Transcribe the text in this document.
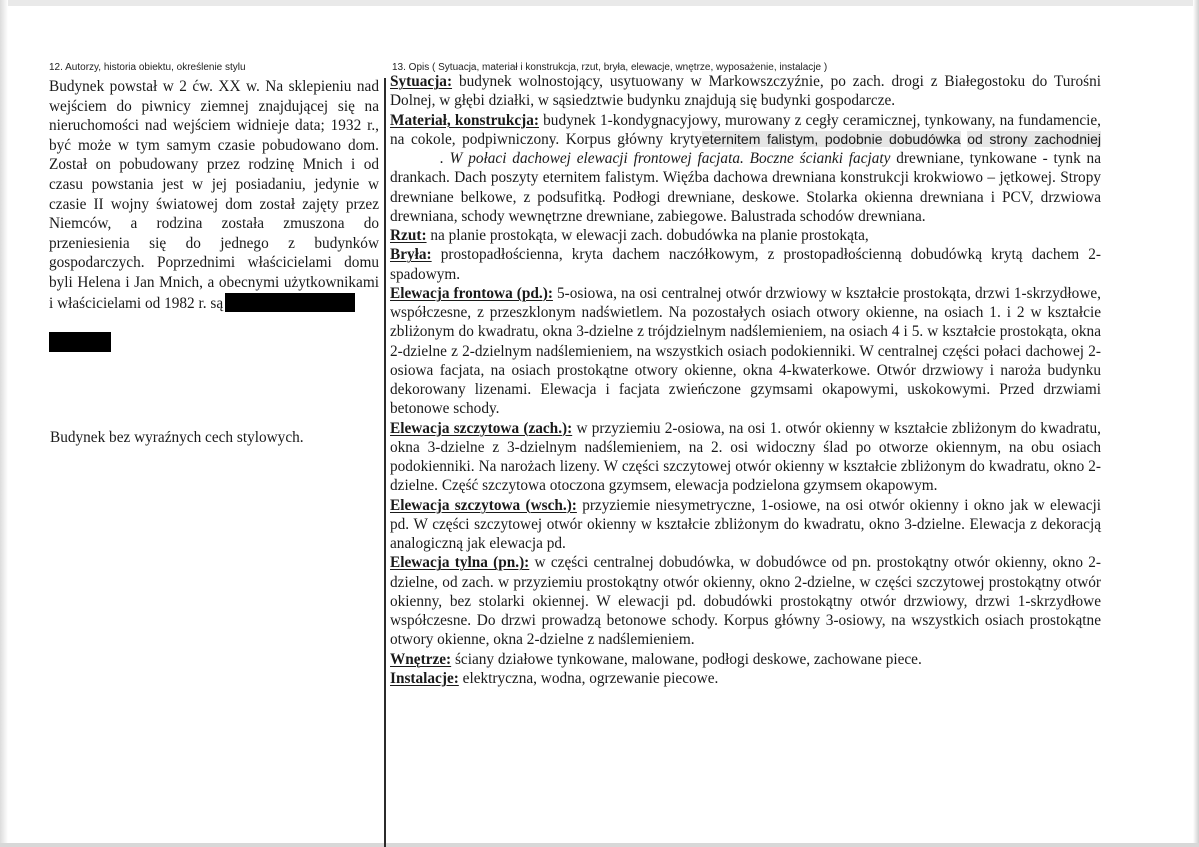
12. Autorzy, historia obiektu, określenie stylu	13. Opis ( Sytuacja, materiał i konstrukcja, rzut, bryła, elewacje, wnętrze, wyposażenie, instalacje )

Budynek powstał w 2 ćw. XX w. Na sklepieniu nad wejściem do piwnicy ziemnej znajdującej się na nieruchomości nad wejściem widnieje data; 1932 r., być może w tym samym czasie pobudowano dom. Został on pobudowany przez rodzinę Mnich i od czasu powstania jest w jej posiadaniu, jedynie w czasie II wojny światowej dom został zajęty przez Niemców, a rodzina została zmuszona do przeniesienia się do jednego z budynków gospodarczych. Poprzednimi właścicielami domu byli Helena i Jan Mnich, a obecnymi użytkownikami i właścicielami od 1982 r. są

Budynek bez wyraźnych cech stylowych.

Sytuacja: budynek wolnostojący, usytuowany w Markowszczyźnie, po zach. drogi z Białegostoku do Turośni Dolnej, w głębi działki, w sąsiedztwie budynku znajdują się budynki gospodarcze.

Materiał, konstrukcja: budynek 1-kondygnacyjowy, murowany z cegły ceramicznej, tynkowany, na fundamencie, na cokole, podpiwniczony. Korpus główny krytyeternitem falistym, podobnie dobudówka od strony zachodniej. W połaci dachowej elewacji frontowej facjata. Boczne ścianki facjaty drewniane, tynkowane - tynk na drankach. Dach poszyty eternitem falistym. Więźba dachowa drewniana konstrukcji krokwiowo – jętkowej. Stropy drewniane belkowe, z podsufitką. Podłogi drewniane, deskowe. Stolarka okienna drewniana i PCV, drzwiowa drewniana, schody wewnętrzne drewniane, zabiegowe. Balustrada schodów drewniana.

Rzut: na planie prostokąta, w elewacji zach. dobudówka na planie prostokąta,

Bryła: prostopadłościenna, kryta dachem naczółkowym, z prostopadłościenną dobudówką krytą dachem 2-spadowym.

Elewacja frontowa (pd.): 5-osiowa, na osi centralnej otwór drzwiowy w kształcie prostokąta, drzwi 1-skrzydłowe, współczesne, z przeszklonym nadświetlem. Na pozostałych osiach otwory okienne, na osiach 1. i 2 w kształcie zbliżonym do kwadratu, okna 3-dzielne z trójdzielnym nadślemieniem, na osiach 4 i 5. w kształcie prostokąta, okna 2-dzielne z 2-dzielnym nadślemieniem, na wszystkich osiach podokienniki. W centralnej części połaci dachowej 2-osiowa facjata, na osiach prostokątne otwory okienne, okna 4-kwaterkowe. Otwór drzwiowy i naroża budynku dekorowany lizenami. Elewacja i facjata zwieńczone gzymsami okapowymi, uskokowymi. Przed drzwiami betonowe schody.

Elewacja szczytowa (zach.): w przyziemiu 2-osiowa, na osi 1. otwór okienny w kształcie zbliżonym do kwadratu, okna 3-dzielne z 3-dzielnym nadślemieniem, na 2. osi widoczny ślad po otworze okiennym, na obu osiach podokienniki. Na narożach lizeny. W części szczytowej otwór okienny w kształcie zbliżonym do kwadratu, okno 2-dzielne. Część szczytowa otoczona gzymsem, elewacja podzielona gzymsem okapowym.

Elewacja szczytowa (wsch.): przyziemie niesymetryczne, 1-osiowe, na osi otwór okienny i okno jak w elewacji pd. W części szczytowej otwór okienny w kształcie zbliżonym do kwadratu, okno 3-dzielne. Elewacja z dekoracją analogiczną jak elewacja pd.

Elewacja tylna (pn.): w części centralnej dobudówka, w dobudówce od pn. prostokątny otwór okienny, okno 2-dzielne, od zach. w przyziemiu prostokątny otwór okienny, okno 2-dzielne, w części szczytowej prostokątny otwór okienny, bez stolarki okiennej. W elewacji pd. dobudówki prostokątny otwór drzwiowy, drzwi 1-skrzydłowe współczesne. Do drzwi prowadzą betonowe schody. Korpus główny 3-osiowy, na wszystkich osiach prostokątne otwory okienne, okna 2-dzielne z nadślemieniem.

Wnętrze: ściany działowe tynkowane, malowane, podłogi deskowe, zachowane piece.

Instalacje: elektryczna, wodna, ogrzewanie piecowe.
